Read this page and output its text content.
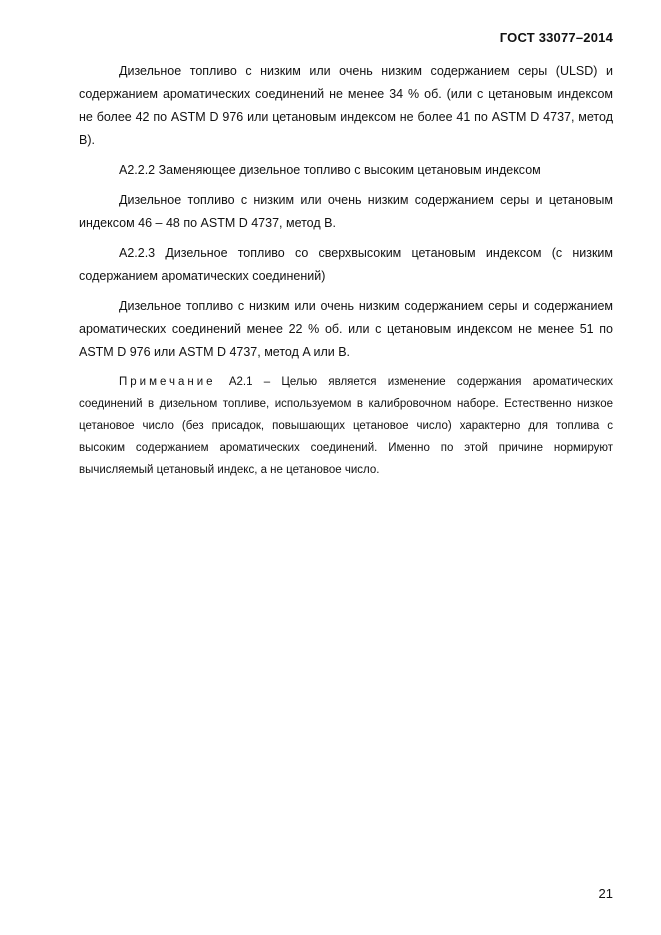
ГОСТ 33077–2014

Дизельное топливо с низким или очень низким содержанием серы (ULSD) и содержанием ароматических соединений не менее 34 % об. (или с цетановым индексом не более 42 по ASTM D 976 или цетановым индексом не более 41 по ASTM D 4737, метод B).

А2.2.2 Заменяющее дизельное топливо с высоким цетановым индексом

Дизельное топливо с низким или очень низким содержанием серы и цетановым индексом 46 – 48 по ASTM D 4737, метод B.

А2.2.3 Дизельное топливо со сверхвысоким цетановым индексом (с низким содержанием ароматических соединений)

Дизельное топливо с низким или очень низким содержанием серы и содержанием ароматических соединений менее 22 % об. или с цетановым индексом не менее 51 по ASTM D 976 или ASTM D 4737, метод A или B.

Примечание А2.1 – Целью является изменение содержания ароматических соединений в дизельном топливе, используемом в калибровочном наборе. Естественно низкое цетановое число (без присадок, повышающих цетановое число) характерно для топлива с высоким содержанием ароматических соединений. Именно по этой причине нормируют вычисляемый цетановый индекс, а не цетановое число.

21
